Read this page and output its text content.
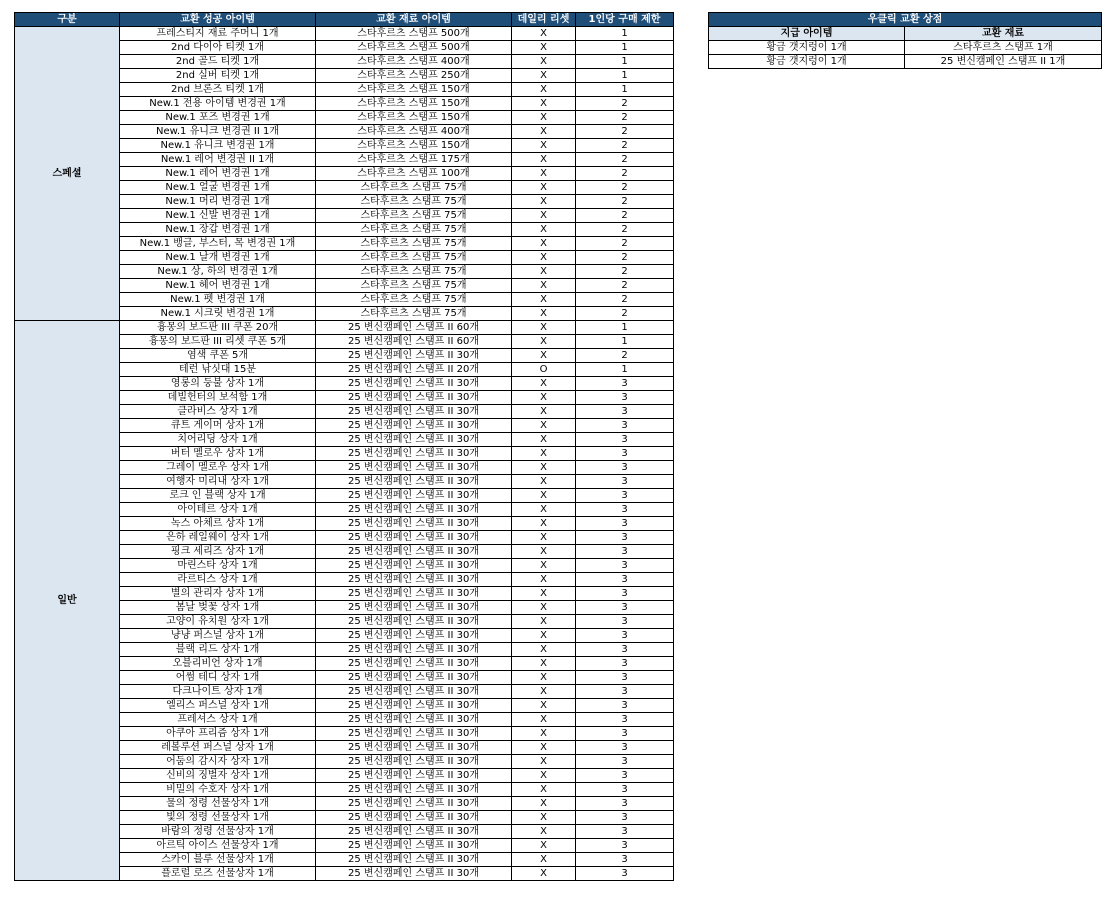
구분	교환 성공 아이템	교환 재료 아이템	데일리 리셋	1인당 구매 제한
스페셜	프레스티지 재료 주머니 1개	스타후르츠 스탬프 500개	X	1
	2nd 다이아 티켓 1개	스타후르츠 스탬프 500개	X	1
	2nd 골드 티켓 1개	스타후르츠 스탬프 400개	X	1
	2nd 실버 티켓 1개	스타후르츠 스탬프 250개	X	1
	2nd 브론즈 티켓 1개	스타후르츠 스탬프 150개	X	1
	New.1 전용 아이템 변경권 1개	스타후르츠 스탬프 150개	X	2
	New.1 포즈 변경권 1개	스타후르츠 스탬프 150개	X	2
	New.1 유니크 변경권 II 1개	스타후르츠 스탬프 400개	X	2
	New.1 유니크 변경권 1개	스타후르츠 스탬프 150개	X	2
	New.1 레어 변경권 II 1개	스타후르츠 스탬프 175개	X	2
	New.1 레어 변경권 1개	스타후르츠 스탬프 100개	X	2
	New.1 얼굴 변경권 1개	스타후르츠 스탬프 75개	X	2
	New.1 머리 변경권 1개	스타후르츠 스탬프 75개	X	2
	New.1 신발 변경권 1개	스타후르츠 스탬프 75개	X	2
	New.1 장갑 변경권 1개	스타후르츠 스탬프 75개	X	2
	New.1 뱅글, 부스터, 목 변경권 1개	스타후르츠 스탬프 75개	X	2
	New.1 날개 변경권 1개	스타후르츠 스탬프 75개	X	2
	New.1 상, 하의 변경권 1개	스타후르츠 스탬프 75개	X	2
	New.1 헤어 변경권 1개	스타후르츠 스탬프 75개	X	2
	New.1 펫 변경권 1개	스타후르츠 스탬프 75개	X	2
	New.1 시크릿 변경권 1개	스타후르츠 스탬프 75개	X	2
일반	흉몽의 보드판 III 쿠폰 20개	25 변신캠페인 스탬프 II 60개	X	1
	흉몽의 보드판 III 리셋 쿠폰 5개	25 변신캠페인 스탬프 II 60개	X	1
	염색 쿠폰 5개	25 변신캠페인 스탬프 II 30개	X	2
	테런 낚싯대 15분	25 변신캠페인 스탬프 II 20개	O	1
	영롱의 둥불 상자 1개	25 변신캠페인 스탬프 II 30개	X	3
	데빌헌터의 보석함 1개	25 변신캠페인 스탬프 II 30개	X	3
	클라비스 상자 1개	25 변신캠페인 스탬프 II 30개	X	3
	큐트 게이머 상자 1개	25 변신캠페인 스탬프 II 30개	X	3
	치어리딩 상자 1개	25 변신캠페인 스탬프 II 30개	X	3
	버터 멜로우 상자 1개	25 변신캠페인 스탬프 II 30개	X	3
	그레이 멜로우 상자 1개	25 변신캠페인 스탬프 II 30개	X	3
	여행자 미리내 상자 1개	25 변신캠페인 스탬프 II 30개	X	3
	로크 인 블랙 상자 1개	25 변신캠페인 스탬프 II 30개	X	3
	아이테르 상자 1개	25 변신캠페인 스탬프 II 30개	X	3
	녹스 아체르 상자 1개	25 변신캠페인 스탬프 II 30개	X	3
	은하 레일웨이 상자 1개	25 변신캠페인 스탬프 II 30개	X	3
	핑크 세리즈 상자 1개	25 변신캠페인 스탬프 II 30개	X	3
	마린스타 상자 1개	25 변신캠페인 스탬프 II 30개	X	3
	라르티스 상자 1개	25 변신캠페인 스탬프 II 30개	X	3
	별의 관리자 상자 1개	25 변신캠페인 스탬프 II 30개	X	3
	봄날 벚꽃 상자 1개	25 변신캠페인 스탬프 II 30개	X	3
	고양이 유치원 상자 1개	25 변신캠페인 스탬프 II 30개	X	3
	냥냥 퍼스널 상자 1개	25 변신캠페인 스탬프 II 30개	X	3
	블랙 리드 상자 1개	25 변신캠페인 스탬프 II 30개	X	3
	오블리비언 상자 1개	25 변신캠페인 스탬프 II 30개	X	3
	어썸 테디 상자 1개	25 변신캠페인 스탬프 II 30개	X	3
	다크나이트 상자 1개	25 변신캠페인 스탬프 II 30개	X	3
	엘리스 퍼스널 상자 1개	25 변신캠페인 스탬프 II 30개	X	3
	프레셔스 상자 1개	25 변신캠페인 스탬프 II 30개	X	3
	아쿠아 프리즘 상자 1개	25 변신캠페인 스탬프 II 30개	X	3
	레볼루션 퍼스널 상자 1개	25 변신캠페인 스탬프 II 30개	X	3
	어둠의 감시자 상자 1개	25 변신캠페인 스탬프 II 30개	X	3
	신비의 징벌자 상자 1개	25 변신캠페인 스탬프 II 30개	X	3
	비밀의 수호자 상자 1개	25 변신캠페인 스탬프 II 30개	X	3
	물의 정령 선물상자 1개	25 변신캠페인 스탬프 II 30개	X	3
	빛의 정령 선물상자 1개	25 변신캠페인 스탬프 II 30개	X	3
	바람의 정령 선물상자 1개	25 변신캠페인 스탬프 II 30개	X	3
	아르틱 아이스 선물상자 1개	25 변신캠페인 스탬프 II 30개	X	3
	스카이 블루 선물상자 1개	25 변신캠페인 스탬프 II 30개	X	3
	플로럴 로즈 선물상자 1개	25 변신캠페인 스탬프 II 30개	X	3
우클릭 교환 상점	
지급 아이템	교환 재료
황금 갯지렁이 1개	스타후르츠 스탬프 1개
황금 갯지렁이 1개	25 변신캠페인 스탬프 II 1개
